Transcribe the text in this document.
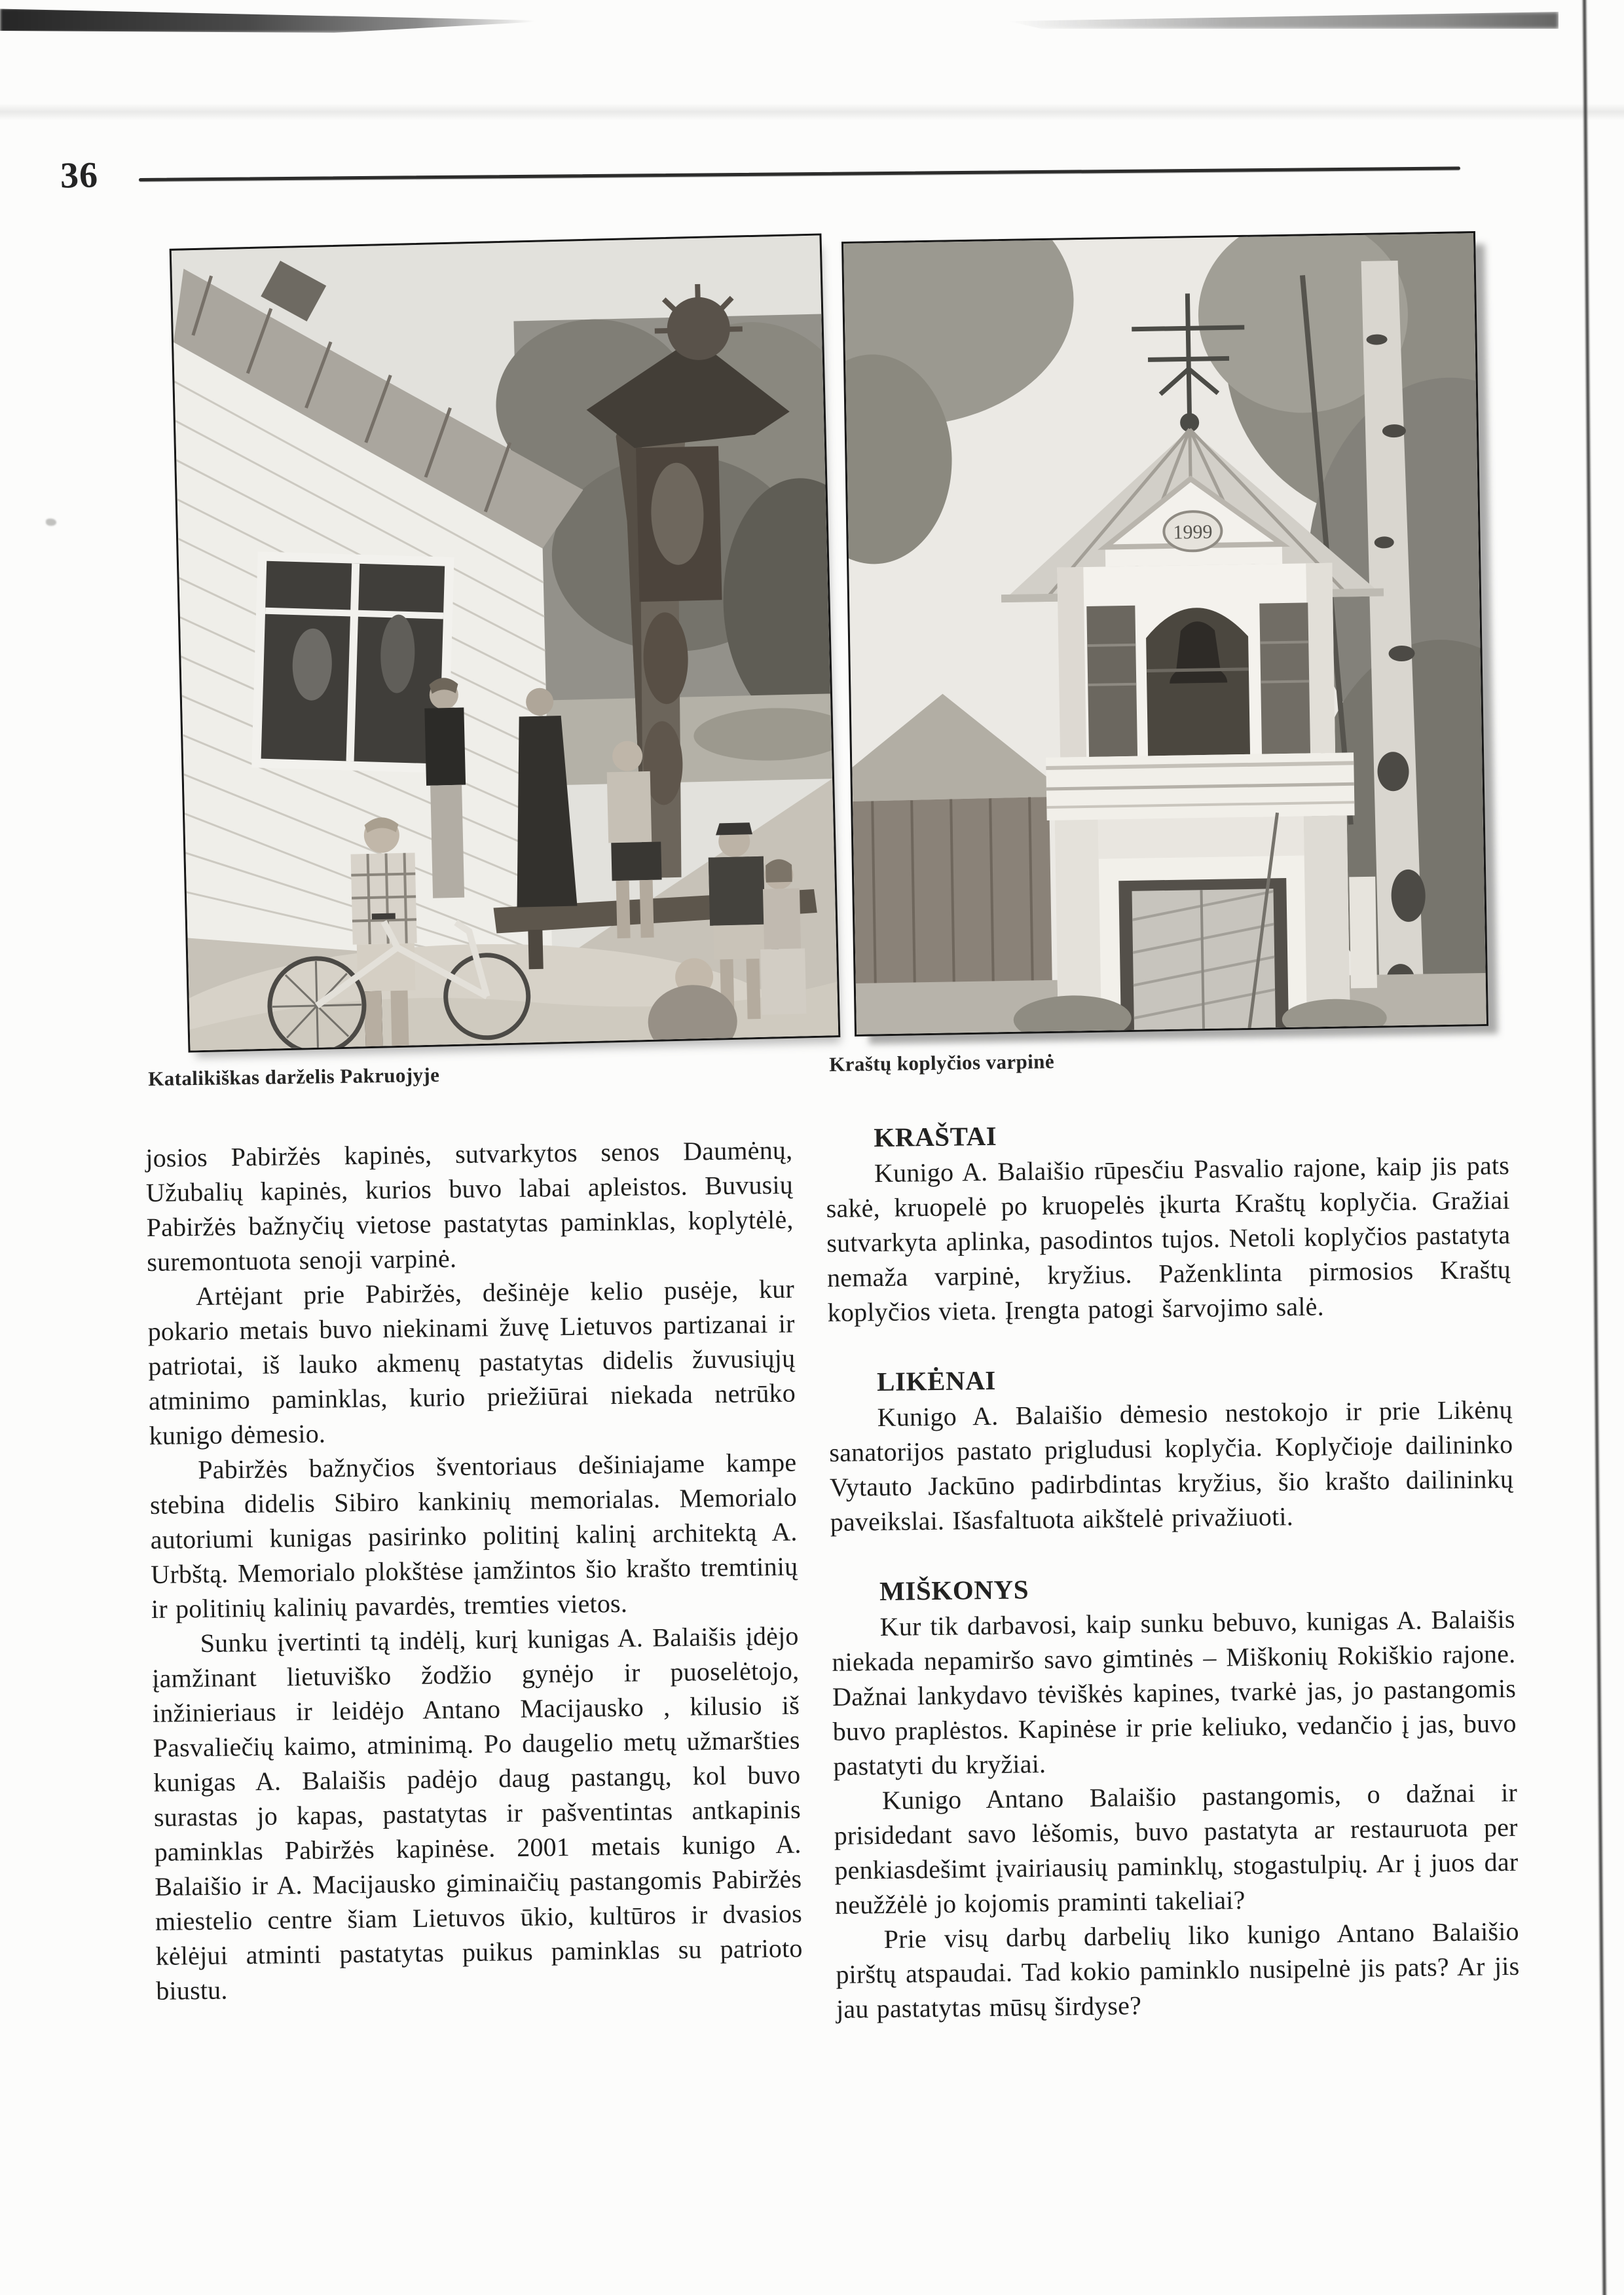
36
1999
Katalikiškas darželis Pakruojyje
Kraštų koplyčios varpinė

josios Pabiržės kapinės, sutvarkytos senos Daumėnų, Užubalių kapinės, kurios buvo labai apleistos. Buvusių Pabiržės bažnyčių vietose pastatytas paminklas, koplytėlė, suremontuota senoji varpinė.

Artėjant prie Pabiržės, dešinėje kelio pusėje, kur pokario metais buvo niekinami žuvę Lietuvos partizanai ir patriotai, iš lauko akmenų pastatytas didelis žuvusiųjų atminimo paminklas, kurio priežiūrai niekada netrūko kunigo dėmesio.

Pabiržės bažnyčios šventoriaus dešiniajame kampe stebina didelis Sibiro kankinių memorialas. Memorialo autoriumi kunigas pasirinko politinį kalinį architektą A. Urbštą. Memorialo plokštėse įamžintos šio krašto tremtinių ir politinių kalinių pavardės, tremties vietos.

Sunku įvertinti tą indėlį, kurį kunigas A. Balaišis įdėjo įamžinant lietuviško žodžio gynėjo ir puoselėtojo, inžinieriaus ir leidėjo Antano Macijausko , kilusio iš Pasvaliečių kaimo, atminimą. Po daugelio metų užmaršties kunigas A. Balaišis padėjo daug pastangų, kol buvo surastas jo kapas, pastatytas ir pašventintas antkapinis paminklas Pabiržės kapinėse. 2001 metais kunigo A. Balaišio ir A. Macijausko giminaičių pastangomis Pabiržės miestelio centre šiam Lietuvos ūkio, kultūros ir dvasios kėlėjui atminti pastatytas puikus paminklas su patrioto biustu.

KRAŠTAI

Kunigo A. Balaišio rūpesčiu Pasvalio rajone, kaip jis pats sakė, kruopelė po kruopelės įkurta Kraštų koplyčia. Gražiai sutvarkyta aplinka, pasodintos tujos. Netoli koplyčios pastatyta nemaža varpinė, kryžius. Paženklinta pirmosios Kraštų koplyčios vieta. Įrengta patogi šarvojimo salė.

LIKĖNAI

Kunigo A. Balaišio dėmesio nestokojo ir prie Likėnų sanatorijos pastato prigludusi koplyčia. Koplyčioje dailininko Vytauto Jackūno padirbdintas kryžius, šio krašto dailininkų paveikslai. Išasfaltuota aikštelė privažiuoti.

MIŠKONYS

Kur tik darbavosi, kaip sunku bebuvo, kunigas A. Balaišis niekada nepamiršo savo gimtinės – Miškonių Rokiškio rajone. Dažnai lankydavo tėviškės kapines, tvarkė jas, jo pastangomis buvo praplėstos. Kapinėse ir prie keliuko, vedančio į jas, buvo pastatyti du kryžiai.

Kunigo Antano Balaišio pastangomis, o dažnai ir prisidedant savo lėšomis, buvo pastatyta ar restauruota per penkiasdešimt įvairiausių paminklų, stogastulpių. Ar į juos dar neužžėlė jo kojomis praminti takeliai?

Prie visų darbų darbelių liko kunigo Antano Balaišio pirštų atspaudai. Tad kokio paminklo nusipelnė jis pats? Ar jis jau pastatytas mūsų širdyse?
